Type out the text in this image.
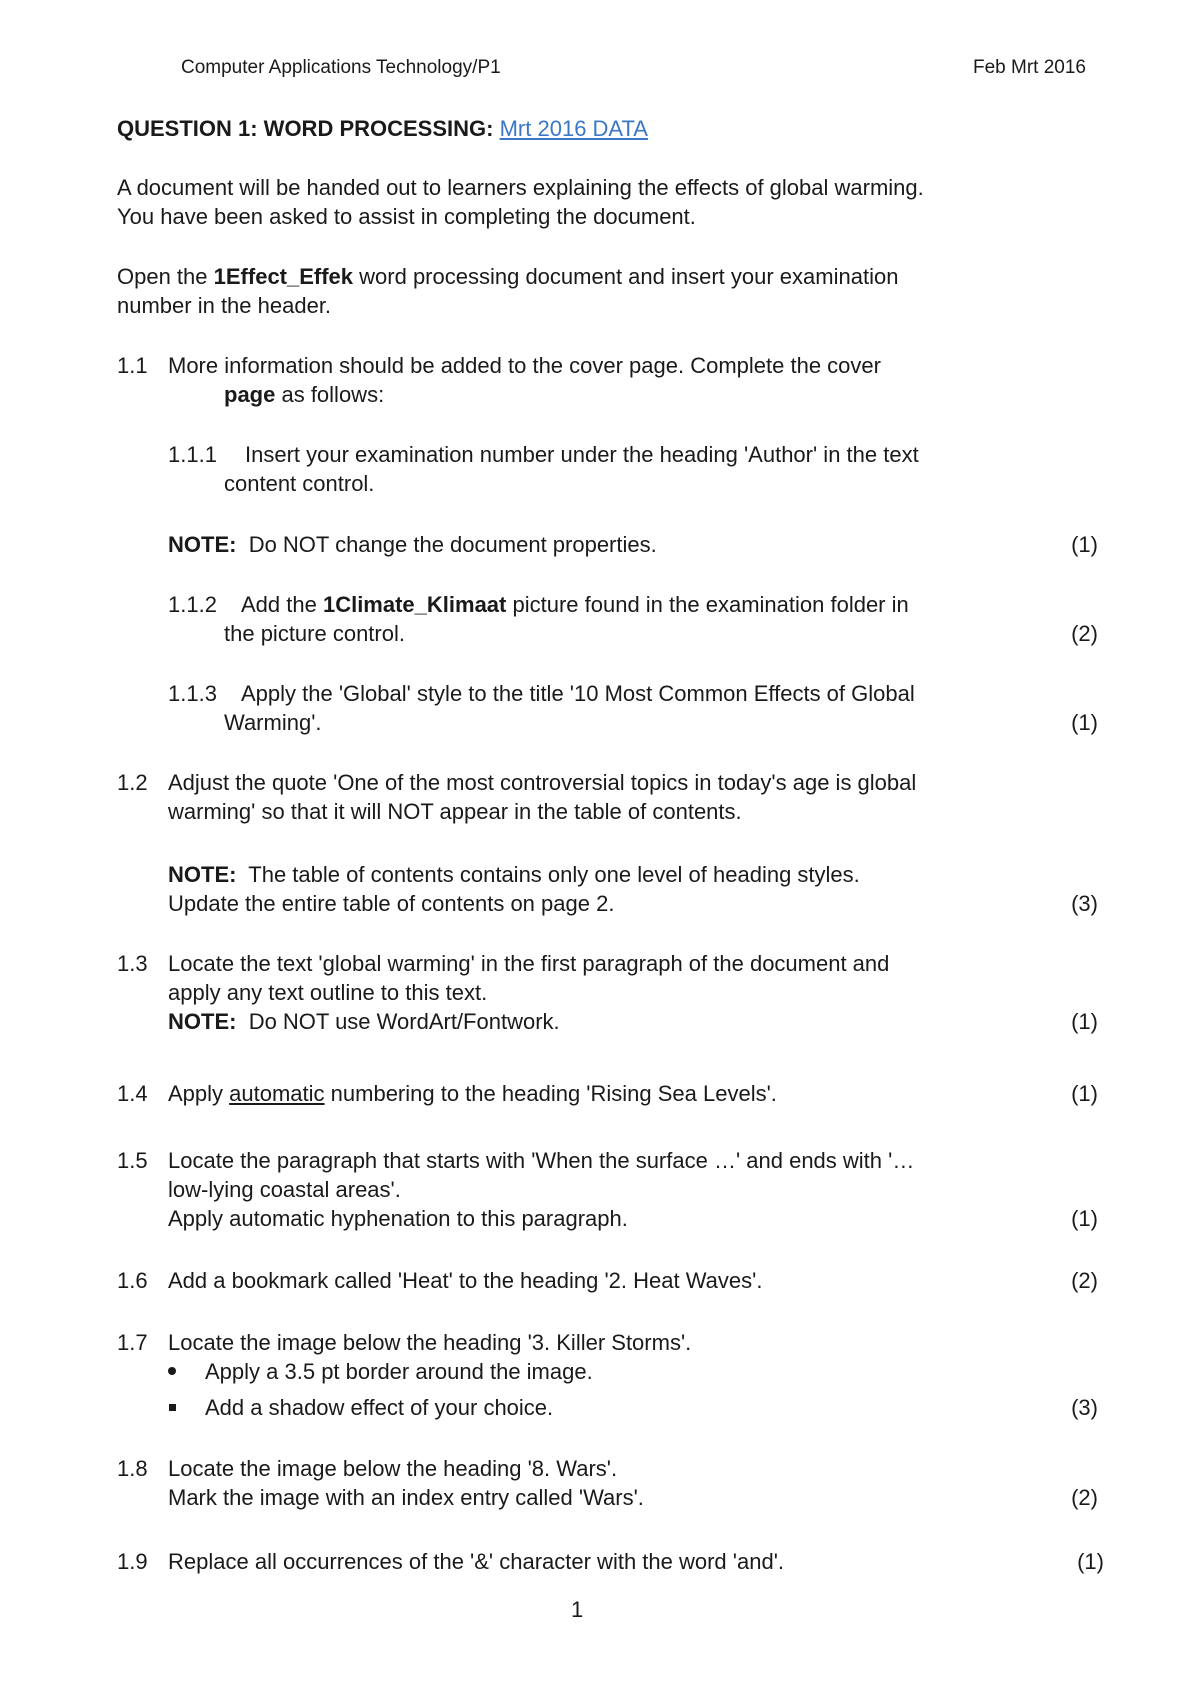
Computer Applications Technology/P1	Feb Mrt 2016
QUESTION 1: WORD PROCESSING: Mrt 2016 DATA
A document will be handed out to learners explaining the effects of global warming.
You have been asked to assist in completing the document.
Open the 1Effect_Effek word processing document and insert your examination
number in the header.
1.1 More information should be added to the cover page. Complete the cover
page as follows:
1.1.1 Insert your examination number under the heading 'Author' in the text
content control.
NOTE: Do NOT change the document properties.	(1)
1.1.2 Add the 1Climate_Klimaat picture found in the examination folder in
the picture control.	(2)
1.1.3 Apply the 'Global' style to the title '10 Most Common Effects of Global
Warming'.	(1)
1.2 Adjust the quote 'One of the most controversial topics in today's age is global
warming' so that it will NOT appear in the table of contents.
NOTE: The table of contents contains only one level of heading styles.
Update the entire table of contents on page 2.	(3)
1.3 Locate the text 'global warming' in the first paragraph of the document and
apply any text outline to this text.
NOTE: Do NOT use WordArt/Fontwork.	(1)
1.4 Apply automatic numbering to the heading 'Rising Sea Levels'.	(1)
1.5 Locate the paragraph that starts with 'When the surface …' and ends with '…
low-lying coastal areas'.
Apply automatic hyphenation to this paragraph.	(1)
1.6 Add a bookmark called 'Heat' to the heading '2. Heat Waves'.	(2)
1.7 Locate the image below the heading '3. Killer Storms'.
Apply a 3.5 pt border around the image.
Add a shadow effect of your choice.	(3)
1.8 Locate the image below the heading '8. Wars'.
Mark the image with an index entry called 'Wars'.	(2)
1.9 Replace all occurrences of the '&' character with the word 'and'.	(1)
1
